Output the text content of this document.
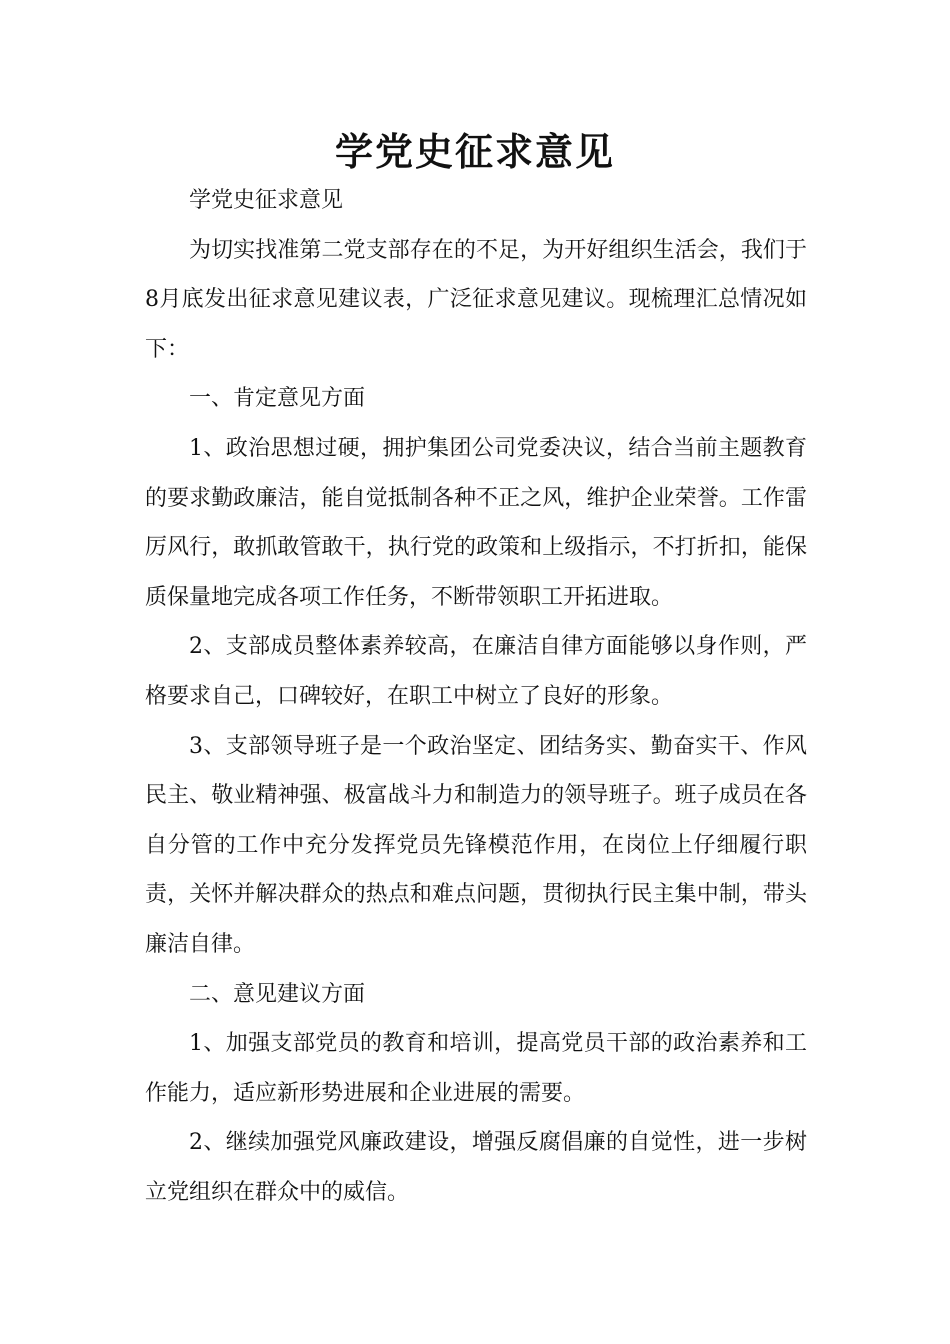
学党史征求意见

学党史征求意见

为切实找准第二党支部存在的不足，为开好组织生活会，我们于8月底发出征求意见建议表，广泛征求意见建议。现梳理汇总情况如下：

一、肯定意见方面

1、政治思想过硬，拥护集团公司党委决议，结合当前主题教育的要求勤政廉洁，能自觉抵制各种不正之风，维护企业荣誉。工作雷厉风行，敢抓敢管敢干，执行党的政策和上级指示，不打折扣，能保质保量地完成各项工作任务，不断带领职工开拓进取。

2、支部成员整体素养较高，在廉洁自律方面能够以身作则，严格要求自己，口碑较好，在职工中树立了良好的形象。

3、支部领导班子是一个政治坚定、团结务实、勤奋实干、作风民主、敬业精神强、极富战斗力和制造力的领导班子。班子成员在各自分管的工作中充分发挥党员先锋模范作用，在岗位上仔细履行职责，关怀并解决群众的热点和难点问题，贯彻执行民主集中制，带头廉洁自律。

二、意见建议方面

1、加强支部党员的教育和培训，提高党员干部的政治素养和工作能力，适应新形势进展和企业进展的需要。

2、继续加强党风廉政建设，增强反腐倡廉的自觉性，进一步树立党组织在群众中的威信。
